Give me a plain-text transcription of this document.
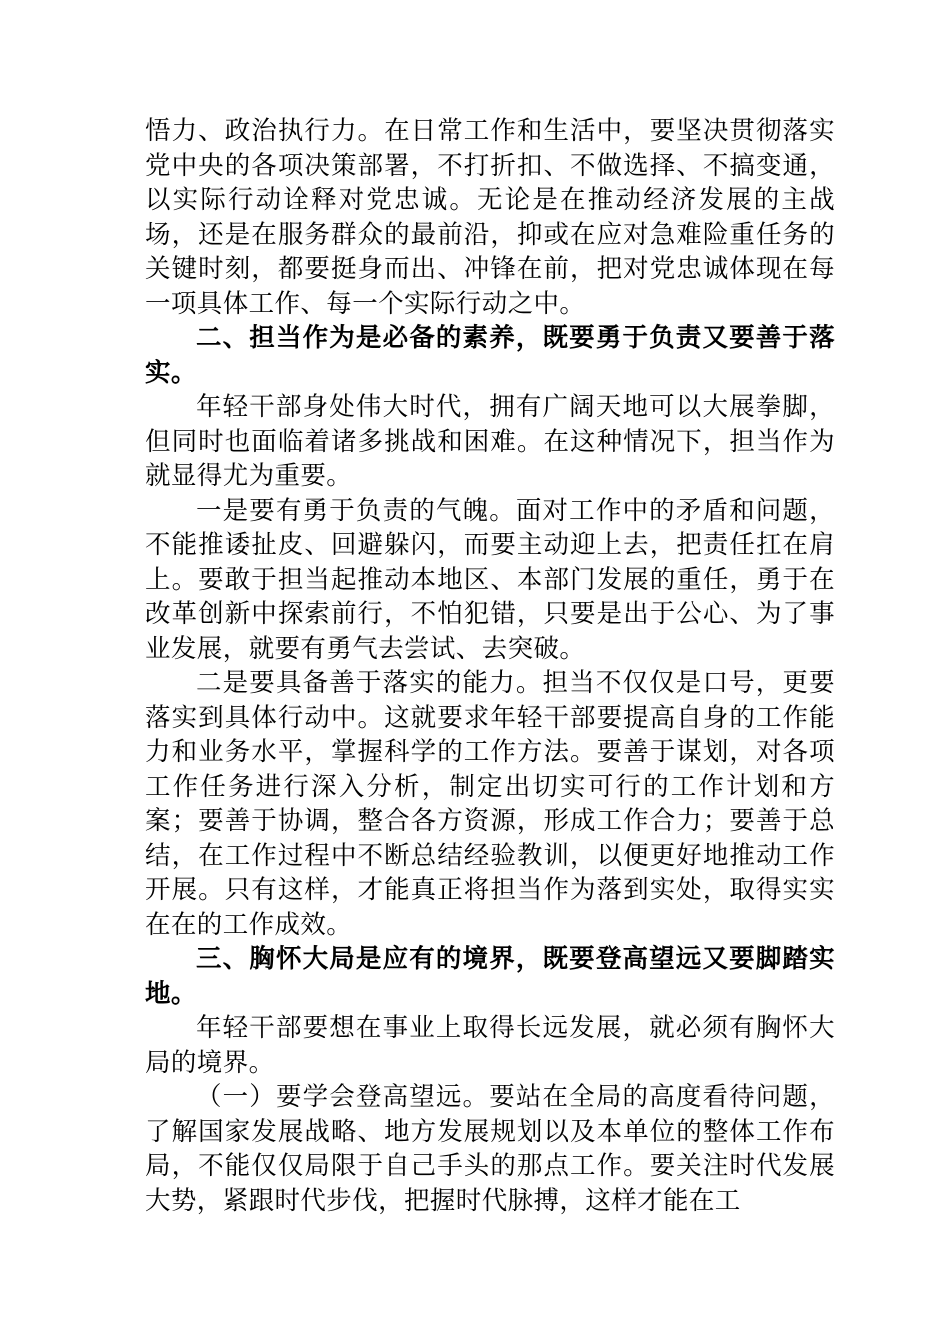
悟力、政治执行力。在日常工作和生活中，要坚决贯彻落实党中央的各项决策部署，不打折扣、不做选择、不搞变通，以实际行动诠释对党忠诚。无论是在推动经济发展的主战场，还是在服务群众的最前沿，抑或在应对急难险重任务的关键时刻，都要挺身而出、冲锋在前，把对党忠诚体现在每一项具体工作、每一个实际行动之中。

二、担当作为是必备的素养，既要勇于负责又要善于落实。

年轻干部身处伟大时代，拥有广阔天地可以大展拳脚，但同时也面临着诸多挑战和困难。在这种情况下，担当作为就显得尤为重要。

一是要有勇于负责的气魄。面对工作中的矛盾和问题，不能推诿扯皮、回避躲闪，而要主动迎上去，把责任扛在肩上。要敢于担当起推动本地区、本部门发展的重任，勇于在改革创新中探索前行，不怕犯错，只要是出于公心、为了事业发展，就要有勇气去尝试、去突破。

二是要具备善于落实的能力。担当不仅仅是口号，更要落实到具体行动中。这就要求年轻干部要提高自身的工作能力和业务水平，掌握科学的工作方法。要善于谋划，对各项工作任务进行深入分析，制定出切实可行的工作计划和方案；要善于协调，整合各方资源，形成工作合力；要善于总结，在工作过程中不断总结经验教训，以便更好地推动工作开展。只有这样，才能真正将担当作为落到实处，取得实实在在的工作成效。

三、胸怀大局是应有的境界，既要登高望远又要脚踏实地。

年轻干部要想在事业上取得长远发展，就必须有胸怀大局的境界。

（一）要学会登高望远。要站在全局的高度看待问题，了解国家发展战略、地方发展规划以及本单位的整体工作布局，不能仅仅局限于自己手头的那点工作。要关注时代发展大势，紧跟时代步伐，把握时代脉搏，这样才能在工
